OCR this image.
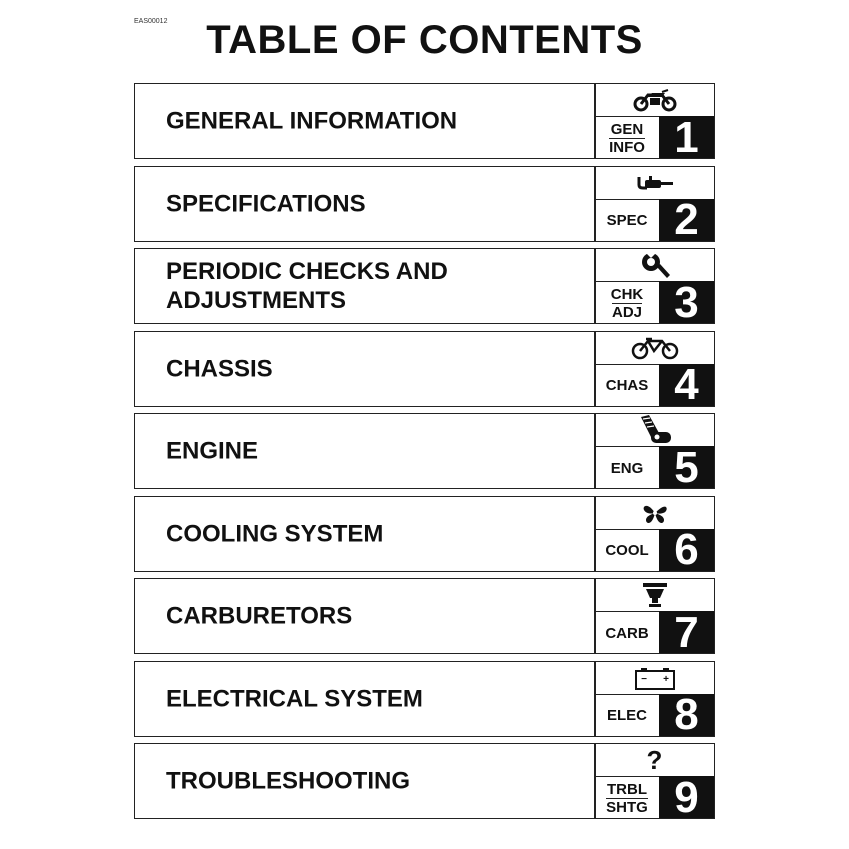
EAS00012 TABLE OF CONTENTS
GENERAL INFORMATION	GEN
INFO 1
SPECIFICATIONS
SPEC 2
PERIODIC CHECKS AND
ADJUSTMENTS	CHK
ADJ 3
CHASSIS
CHAS 4
ENGINE
ENG 5
COOLING SYSTEM
COOL 6
CARBURETORS
CARB 7
ELECTRICAL SYSTEM
− +
ELEC 8
TROUBLESHOOTING
?
TRBL
SHTG 9
